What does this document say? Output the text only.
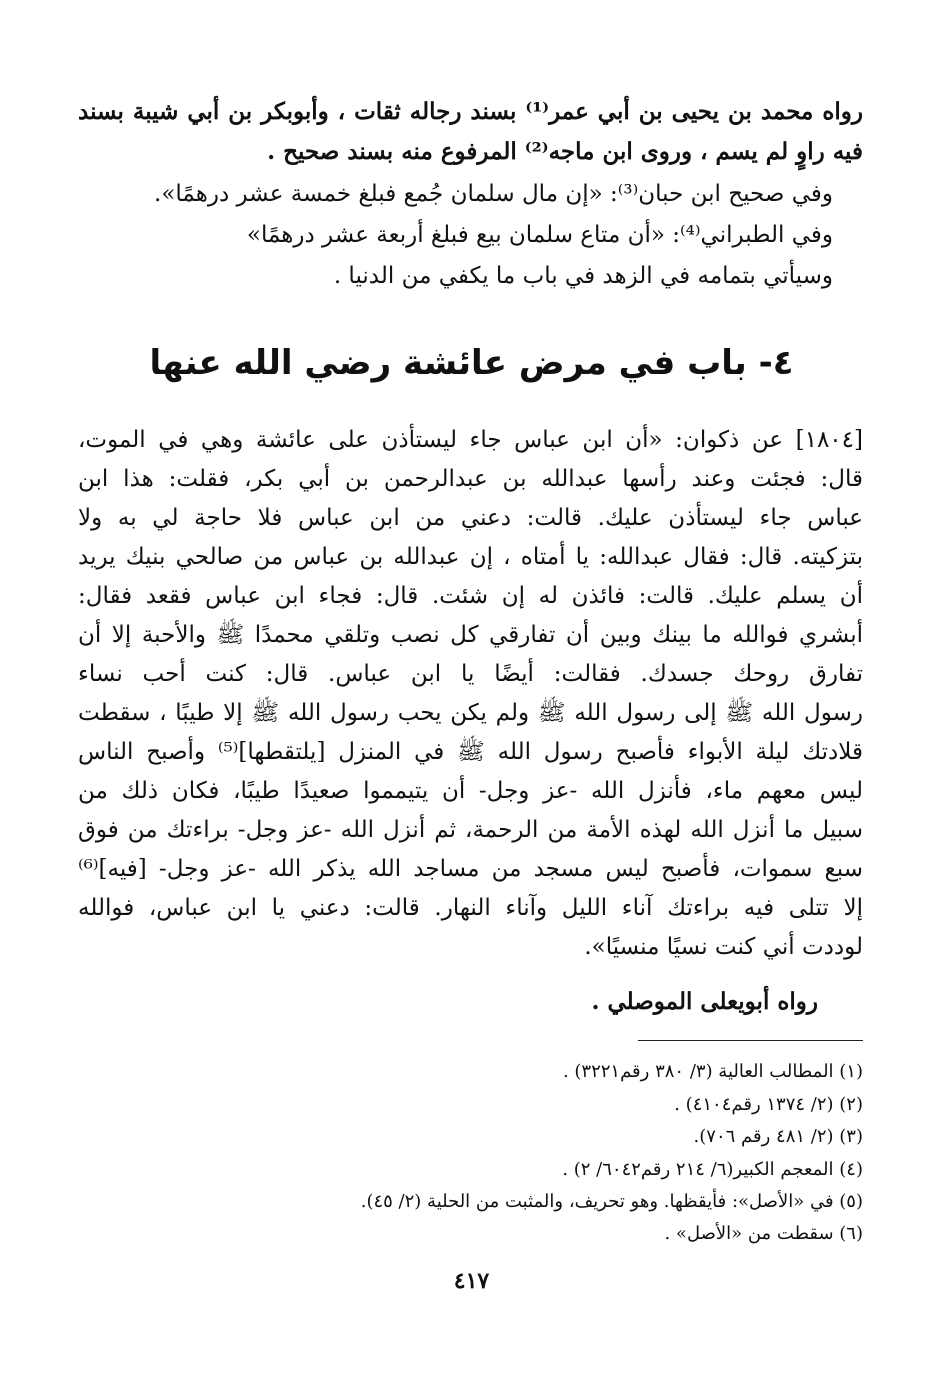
رواه محمد بن يحيى بن أبي عمر⁽¹⁾ بسند رجاله ثقات ، وأبوبكر بن أبي شيبة بسند
فيه راوٍ لم يسم ، وروى ابن ماجه⁽²⁾ المرفوع منه بسند صحيح .
وفي صحيح ابن حبان⁽³⁾: «إن مال سلمان جُمع فبلغ خمسة عشر درهمًا».
وفي الطبراني⁽⁴⁾: «أن متاع سلمان بيع فبلغ أربعة عشر درهمًا»
وسيأتي بتمامه في الزهد في باب ما يكفي من الدنيا .
٤- باب في مرض عائشة رضي الله عنها
[١٨٠٤] عن ذكوان: «أن ابن عباس جاء ليستأذن على عائشة وهي في الموت،
قال: فجئت وعند رأسها عبدالله بن عبدالرحمن بن أبي بكر، فقلت: هذا ابن
عباس جاء ليستأذن عليك. قالت: دعني من ابن عباس فلا حاجة لي به ولا
بتزكيته. قال: فقال عبدالله: يا أمتاه ، إن عبدالله بن عباس من صالحي بنيك يريد
أن يسلم عليك. قالت: فائذن له إن شئت. قال: فجاء ابن عباس فقعد فقال:
أبشري فوالله ما بينك وبين أن تفارقي كل نصب وتلقي محمدًا ﷺ والأحبة إلا أن
تفارق روحك جسدك. فقالت: أيضًا يا ابن عباس. قال: كنت أحب نساء
رسول الله ﷺ إلى رسول الله ﷺ ولم يكن يحب رسول الله ﷺ إلا طيبًا ، سقطت
قلادتك ليلة الأبواء فأصبح رسول الله ﷺ في المنزل [يلتقطها]⁽⁵⁾ وأصبح الناس
ليس معهم ماء، فأنزل الله -عز وجل- أن يتيمموا صعيدًا طيبًا، فكان ذلك من
سبيل ما أنزل الله لهذه الأمة من الرحمة، ثم أنزل الله -عز وجل- براءتك من فوق
سبع سموات، فأصبح ليس مسجد من مساجد الله يذكر الله -عز وجل- [فيه]⁽⁶⁾
إلا تتلى فيه براءتك آناء الليل وآناء النهار. قالت: دعني يا ابن عباس، فوالله
لوددت أني كنت نسيًا منسيًا».
رواه أبويعلى الموصلي .
(١) المطالب العالية (٣/ ٣٨٠ رقم٣٢٢١) .
(٢) (٢/ ١٣٧٤ رقم٤١٠٤) .
(٣) (٢/ ٤٨١ رقم ٧٠٦).
(٤) المعجم الكبير(٦/ ٢١٤ رقم٦٠٤٢/ ٢) .
(٥) في «الأصل»: فأيقظها. وهو تحريف، والمثبت من الحلية (٢/ ٤٥).
(٦) سقطت من «الأصل» .
٤١٧
